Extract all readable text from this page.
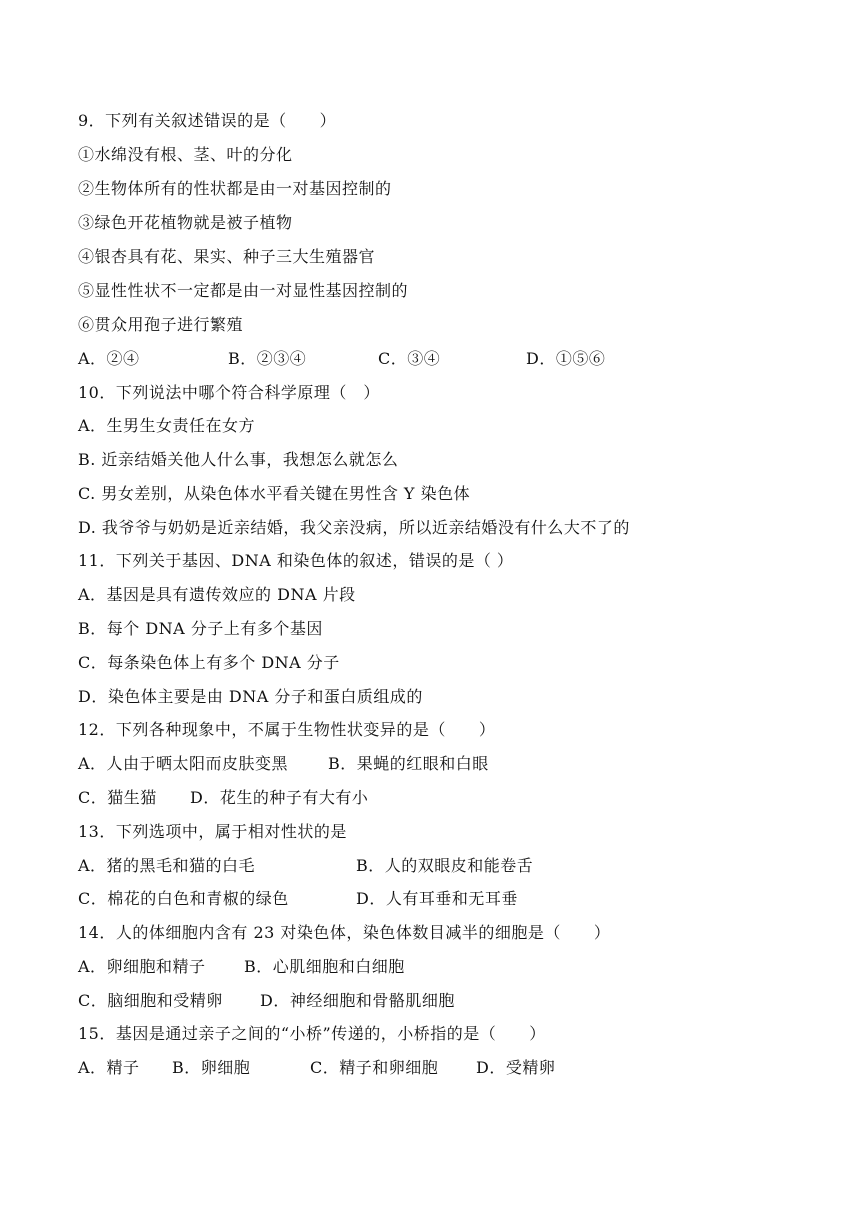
9．下列有关叙述错误的是（　　）
①水绵没有根、茎、叶的分化
②生物体所有的性状都是由一对基因控制的
③绿色开花植物就是被子植物
④银杏具有花、果实、种子三大生殖器官
⑤显性性状不一定都是由一对显性基因控制的
⑥贯众用孢子进行繁殖
A．②④	B．②③④	C．③④	D．①⑤⑥
10．下列说法中哪个符合科学原理（　）
A．生男生女责任在女方
B. 近亲结婚关他人什么事，我想怎么就怎么
C. 男女差别，从染色体水平看关键在男性含 Y 染色体
D. 我爷爷与奶奶是近亲结婚，我父亲没病，所以近亲结婚没有什么大不了的
11．下列关于基因、DNA 和染色体的叙述，错误的是（ ）
A．基因是具有遗传效应的 DNA 片段
B．每个 DNA 分子上有多个基因
C．每条染色体上有多个 DNA 分子
D．染色体主要是由 DNA 分子和蛋白质组成的
12．下列各种现象中，不属于生物性状变异的是（　　）
A．人由于晒太阳而皮肤变黑 B．果蝇的红眼和白眼
C．猫生猫 D．花生的种子有大有小
13．下列选项中，属于相对性状的是
A．猪的黑毛和猫的白毛	B．人的双眼皮和能卷舌
C．棉花的白色和青椒的绿色	D．人有耳垂和无耳垂
14．人的体细胞内含有 23 对染色体，染色体数目减半的细胞是（　　）
A．卵细胞和精子 B．心肌细胞和白细胞
C．脑细胞和受精卵 D．神经细胞和骨骼肌细胞
15．基因是通过亲子之间的“小桥”传递的，小桥指的是（　　）
A．精子 B．卵细胞	C．精子和卵细胞 D．受精卵
